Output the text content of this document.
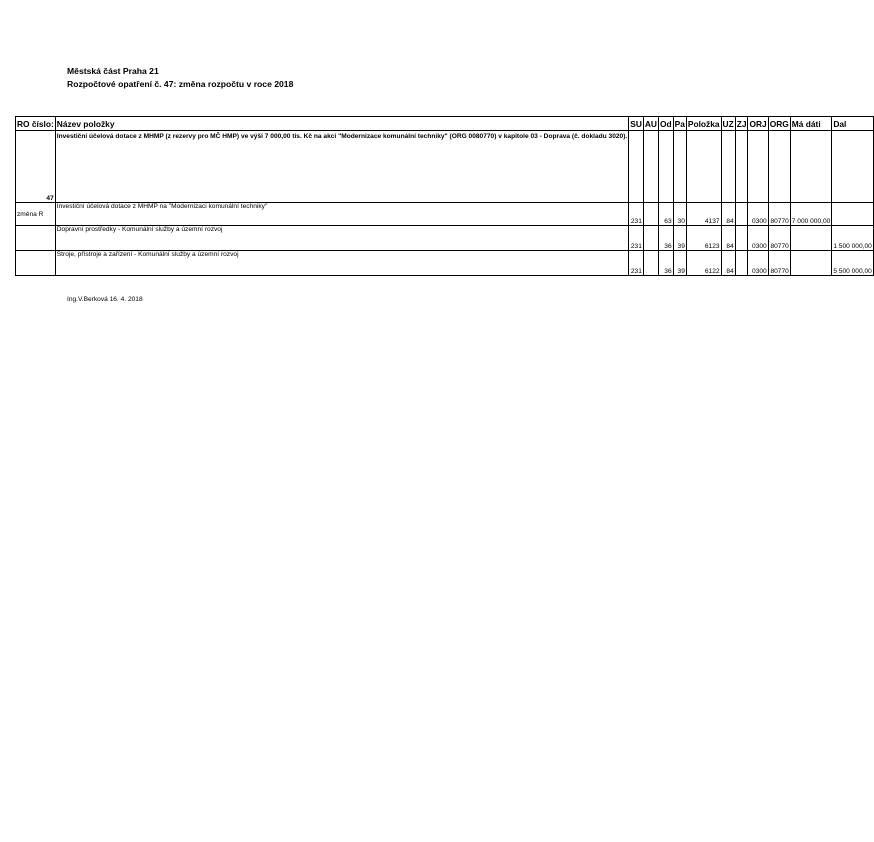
Městská část Praha 21
Rozpočtové opatření č. 47: změna rozpočtu v roce 2018
RO číslo:	Název položky	SU	AU	Od	Pa	Položka	UZ	ZJ	ORJ	ORG	Má dáti	Dal
47	Investiční účelová dotace z MHMP (z rezervy pro MČ HMP) ve výši 7 000,00 tis. Kč na akci "Modernizace komunální techniky" (ORG 0080770) v kapitole 03 - Doprava (č. dokladu 3020).											
změna R	Investiční účelová dotace z MHMP na "Modernizaci komunální techniky"	231		63	30	4137	84		0300	80770	7 000 000,00	
	Dopravní prostředky - Komunální služby a územní rozvoj	231		36	39	6123	84		0300	80770		1 500 000,00
	Stroje, přístroje a zařízení - Komunální služby a územní rozvoj	231		36	39	6122	84		0300	80770		5 500 000,00
Ing.V.Berková 16. 4. 2018
